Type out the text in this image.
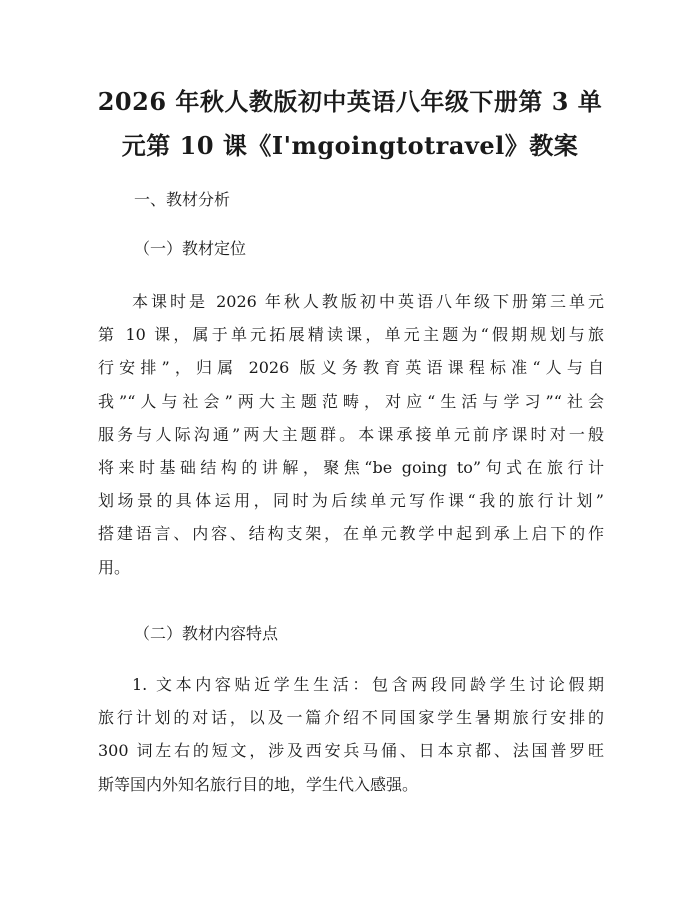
2026 年秋人教版初中英语八年级下册第 3 单
元第 10 课《I'mgoingtotravel》教案
一、教材分析
（一）教材定位
本课时是 2026 年秋人教版初中英语八年级下册第三单元
第 10 课，属于单元拓展精读课，单元主题为“假期规划与旅
行安排”，归属 2026 版义务教育英语课程标准“人与自
我”“人与社会”两大主题范畴，对应“生活与学习”“社会
服务与人际沟通”两大主题群。本课承接单元前序课时对一般
将来时基础结构的讲解，聚焦“be going to”句式在旅行计
划场景的具体运用，同时为后续单元写作课“我的旅行计划”
搭建语言、内容、结构支架，在单元教学中起到承上启下的作
用。
（二）教材内容特点
1. 文本内容贴近学生生活：包含两段同龄学生讨论假期
旅行计划的对话，以及一篇介绍不同国家学生暑期旅行安排的
300 词左右的短文，涉及西安兵马俑、日本京都、法国普罗旺
斯等国内外知名旅行目的地，学生代入感强。
